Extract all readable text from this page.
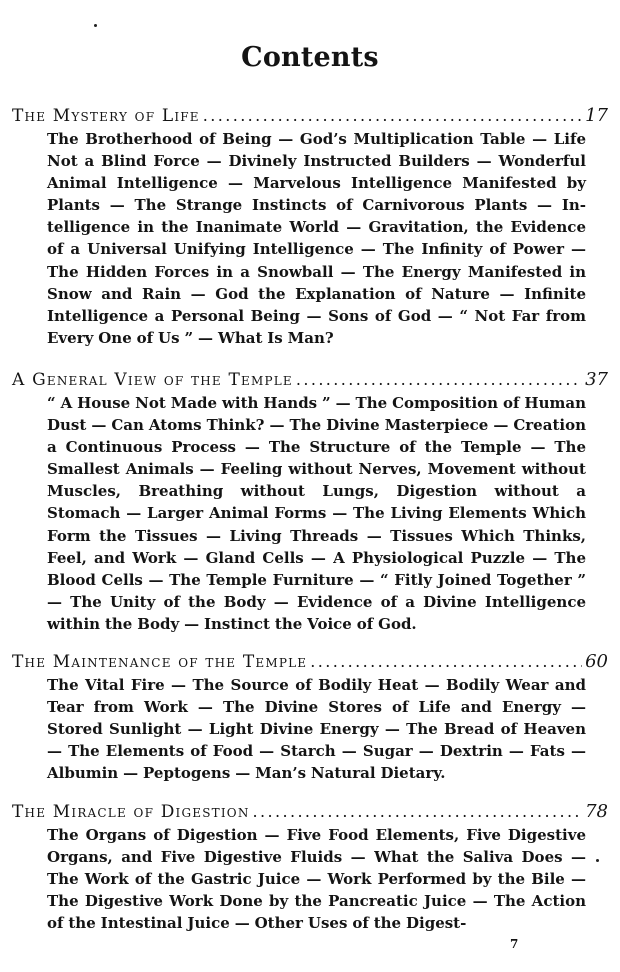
Contents
The Mystery of Life .....	17
The Brotherhood of Being — God’s Multiplication Table — Life Not a Blind Force — Divinely Instructed Builders — Wonderful Animal Intelligence — Marvelous Intelligence Manifested by Plants — The Strange Instincts of Carnivorous Plants — Intelligence in the Inanimate World — Gravitation, the Evidence of a Universal Unifying Intelligence — The Infinity of Power — The Hidden Forces in a Snowball — The Energy Manifested in Snow and Rain — God the Explanation of Nature — Infinite Intelligence a Personal Being — Sons of God — “ Not Far from Every One of Us ” — What Is Man?
A General View of the Temple .....	37
“ A House Not Made with Hands ” — The Composition of Human Dust — Can Atoms Think? — The Divine Masterpiece — Creation a Continuous Process — The Structure of the Temple — The Smallest Animals — Feeling without Nerves, Movement without Muscles, Breathing without Lungs, Digestion without a Stomach — Larger Animal Forms — The Living Elements Which Form the Tissues — Living Threads — Tissues Which Thinks, Feel, and Work — Gland Cells — A Physiological Puzzle — The Blood Cells — The Temple Furniture — “ Fitly Joined Together ” — The Unity of the Body — Evidence of a Divine Intelligence within the Body — Instinct the Voice of God.
The Maintenance of the Temple .....	60
The Vital Fire — The Source of Bodily Heat — Bodily Wear and Tear from Work — The Divine Stores of Life and Energy — Stored Sunlight — Light Divine Energy — The Bread of Heaven — The Elements of Food — Starch — Sugar — Dextrin — Fats — Albumin — Peptogens — Man’s Natural Dietary.
The Miracle of Digestion .....	78
The Organs of Digestion — Five Food Elements, Five Digestive Organs, and Five Digestive Fluids — What the Saliva Does — The Work of the Gastric Juice — Work Performed by the Bile — The Digestive Work Done by the Pancreatic Juice — The Action of the Intestinal Juice — Other Uses of the Digest-
7
